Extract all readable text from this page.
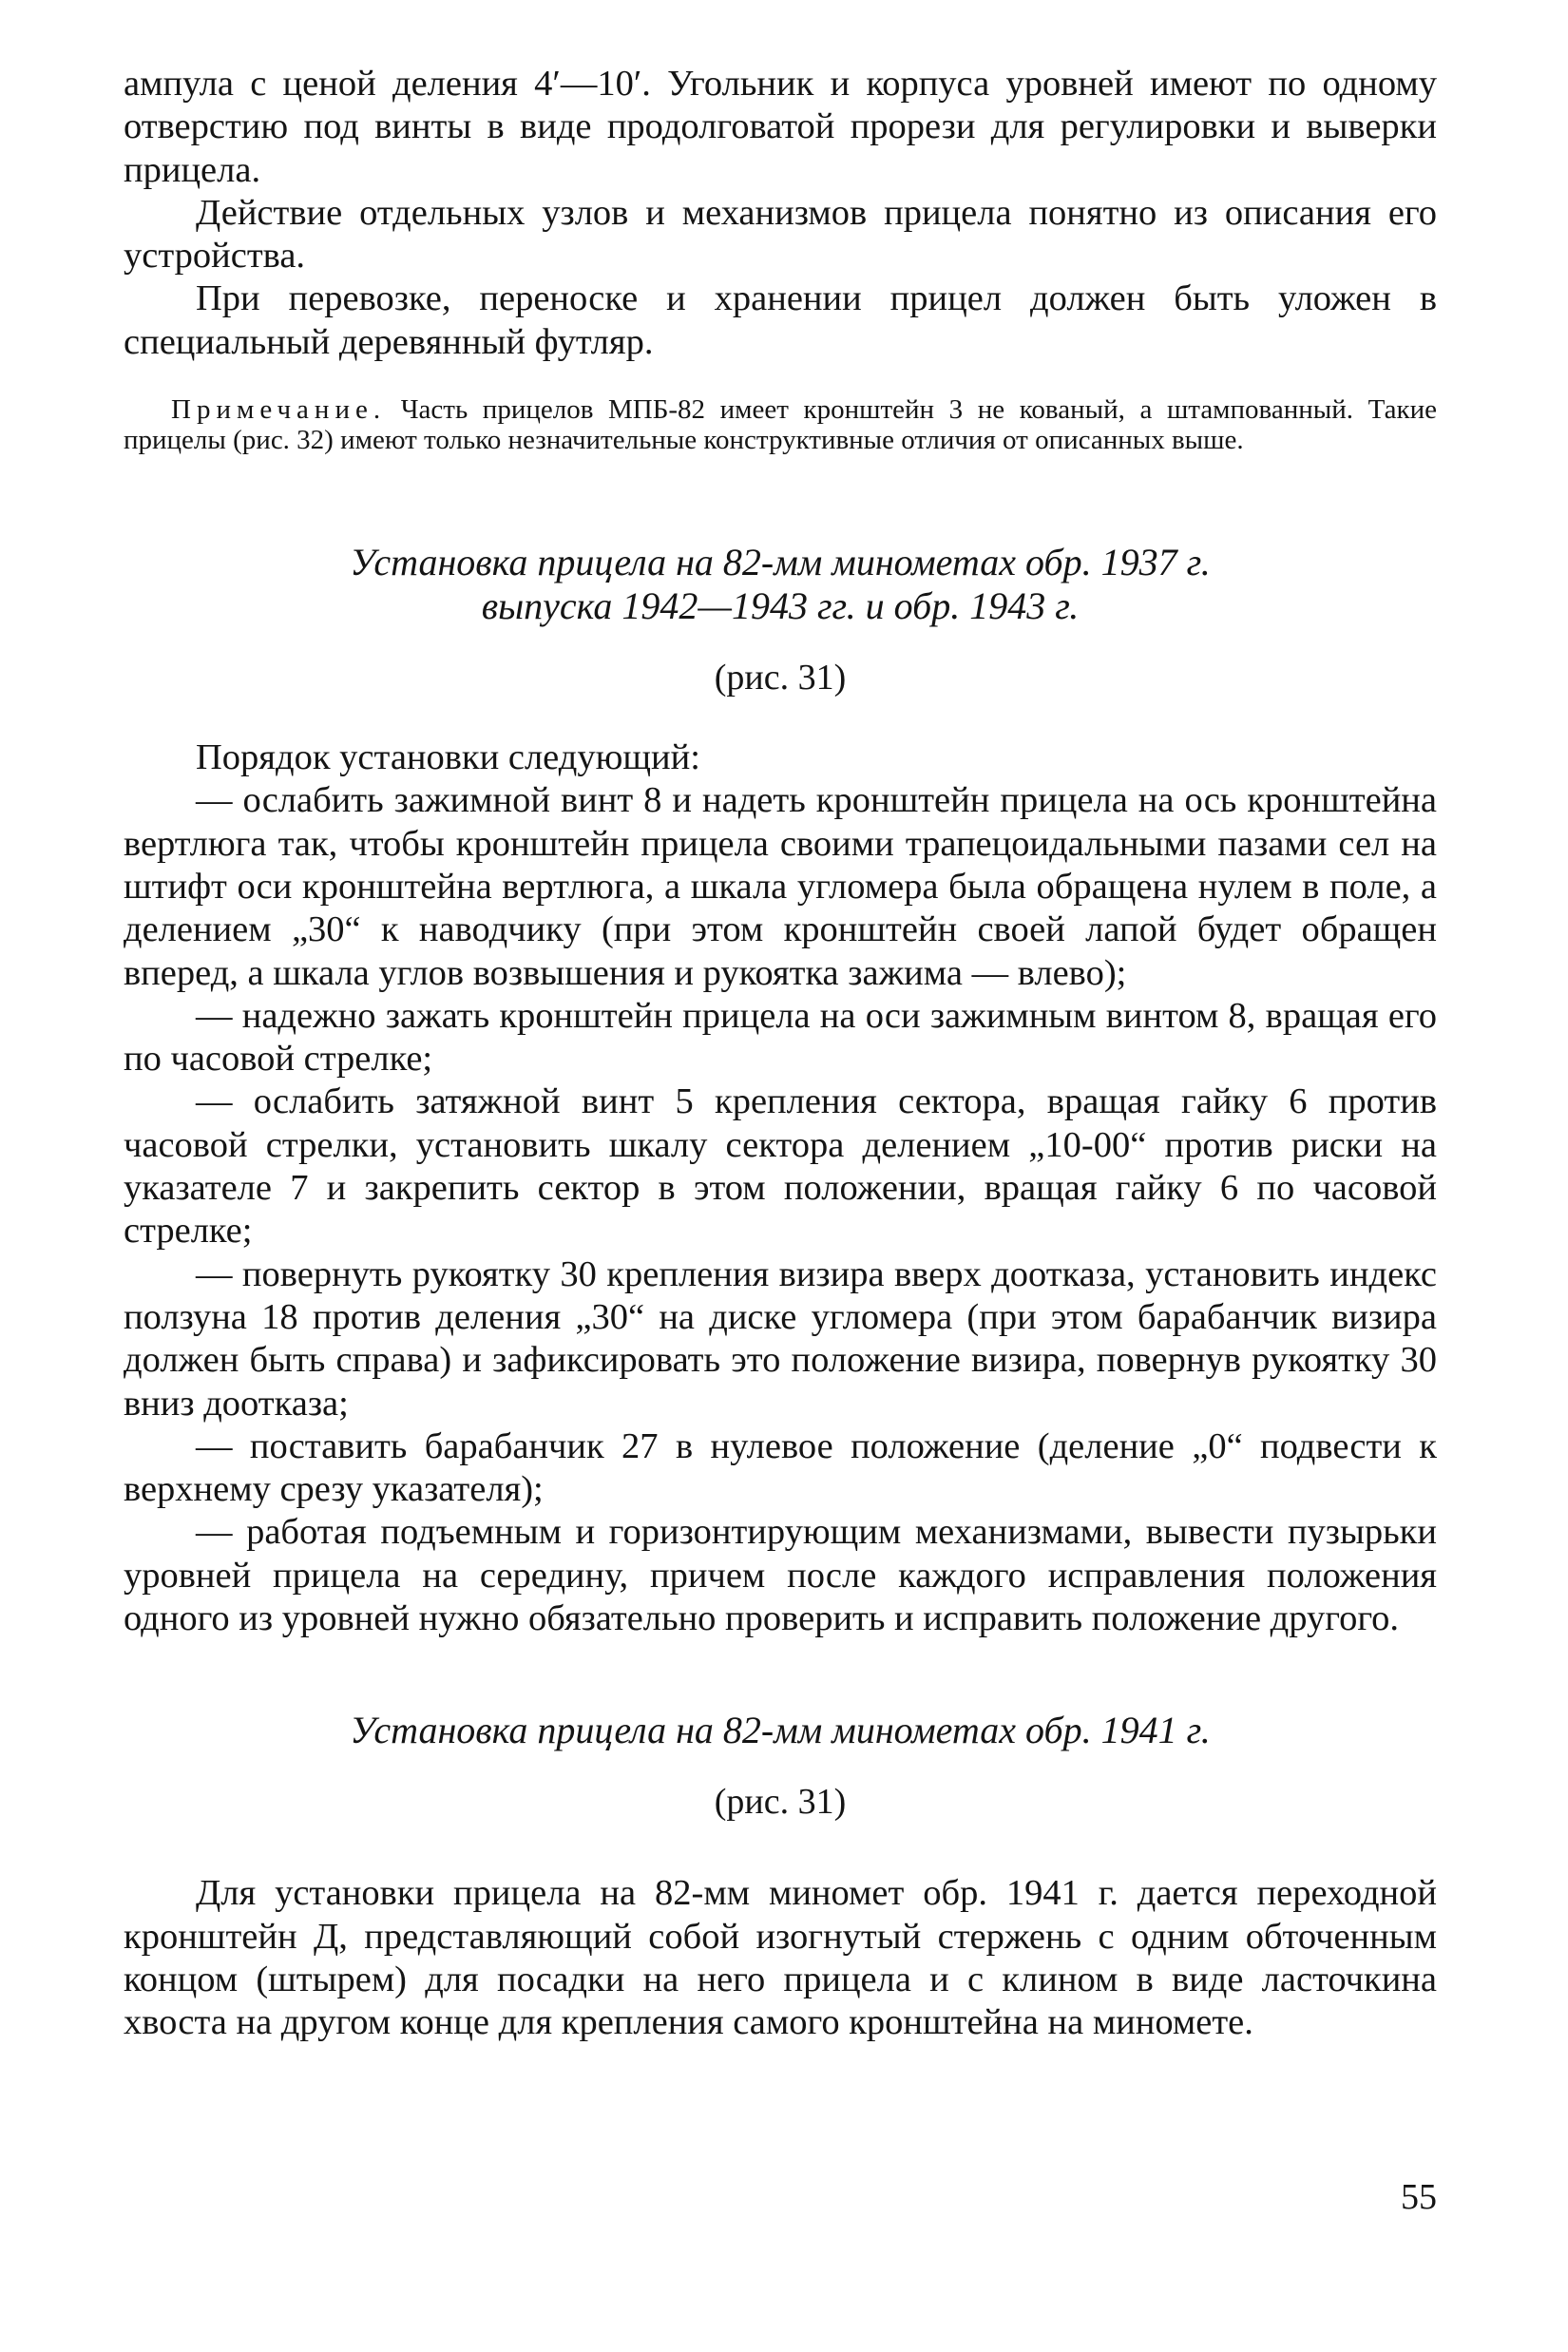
ампула с ценой деления 4′—10′. Угольник и корпуса уровней имеют по одному отверстию под винты в виде продолговатой прорези для регулировки и выверки прицела.

Действие отдельных узлов и механизмов прицела понятно из описания его устройства.

При перевозке, переноске и хранении прицел должен быть уложен в специальный деревянный футляр.

Примечание. Часть прицелов МПБ-82 имеет кронштейн 3 не кованый, а штампованный. Такие прицелы (рис. 32) имеют только незначительные конструктивные отличия от описанных выше.

Установка прицела на 82-мм минометах обр. 1937 г.
выпуска 1942—1943 гг. и обр. 1943 г.
(рис. 31)

Порядок установки следующий:

— ослабить зажимной винт 8 и надеть кронштейн прицела на ось кронштейна вертлюга так, чтобы кронштейн прицела своими трапецоидальными пазами сел на штифт оси кронштейна вертлюга, а шкала угломера была обращена нулем в поле, а делением „30“ к наводчику (при этом кронштейн своей лапой будет обращен вперед, а шкала углов возвышения и рукоятка зажима — влево);

— надежно зажать кронштейн прицела на оси зажимным винтом 8, вращая его по часовой стрелке;

— ослабить затяжной винт 5 крепления сектора, вращая гайку 6 против часовой стрелки, установить шкалу сектора делением „10-00“ против риски на указателе 7 и закрепить сектор в этом положении, вращая гайку 6 по часовой стрелке;

— повернуть рукоятку 30 крепления визира вверх доотказа, установить индекс ползуна 18 против деления „30“ на диске угломера (при этом барабанчик визира должен быть справа) и зафиксировать это положение визира, повернув рукоятку 30 вниз доотказа;

— поставить барабанчик 27 в нулевое положение (деление „0“ подвести к верхнему срезу указателя);

— работая подъемным и горизонтирующим механизмами, вывести пузырьки уровней прицела на середину, причем после каждого исправления положения одного из уровней нужно обязательно проверить и исправить положение другого.

Установка прицела на 82-мм минометах обр. 1941 г.
(рис. 31)

Для установки прицела на 82-мм миномет обр. 1941 г. дается переходной кронштейн Д, представляющий собой изогнутый стержень с одним обточенным концом (штырем) для посадки на него прицела и с клином в виде ласточкина хвоста на другом конце для крепления самого кронштейна на миномете.

55
